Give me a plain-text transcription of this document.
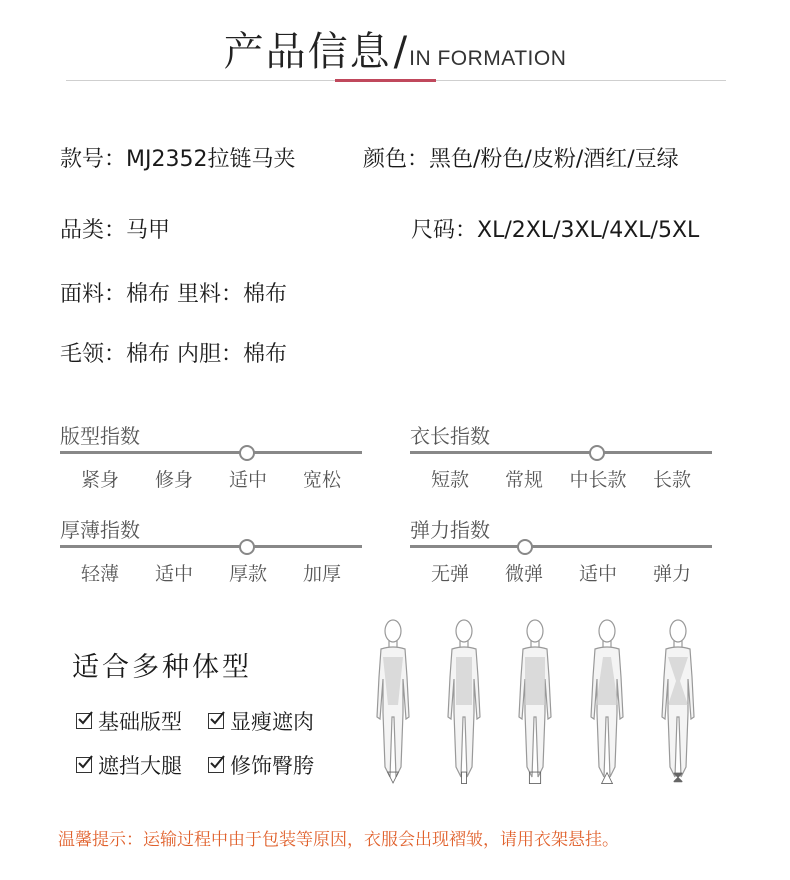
产品信息/IN FORMATION
款号：MJ2352拉链马夹	颜色：黑色/粉色/皮粉/酒红/豆绿
品类：马甲	尺码：XL/2XL/3XL/4XL/5XL
面料：棉布 里料：棉布
毛领：棉布 内胆：棉布
版型指数
紧身	修身	适中	宽松
衣长指数
短款	常规	中长款	长款
厚薄指数
轻薄	适中	厚款	加厚
弹力指数
无弹	微弹	适中	弹力
适合多种体型
基础版型 显瘦遮肉
遮挡大腿 修饰臀胯	▽	▯	□	△	⧗
温馨提示：运输过程中由于包装等原因，衣服会出现褶皱，请用衣架悬挂。
